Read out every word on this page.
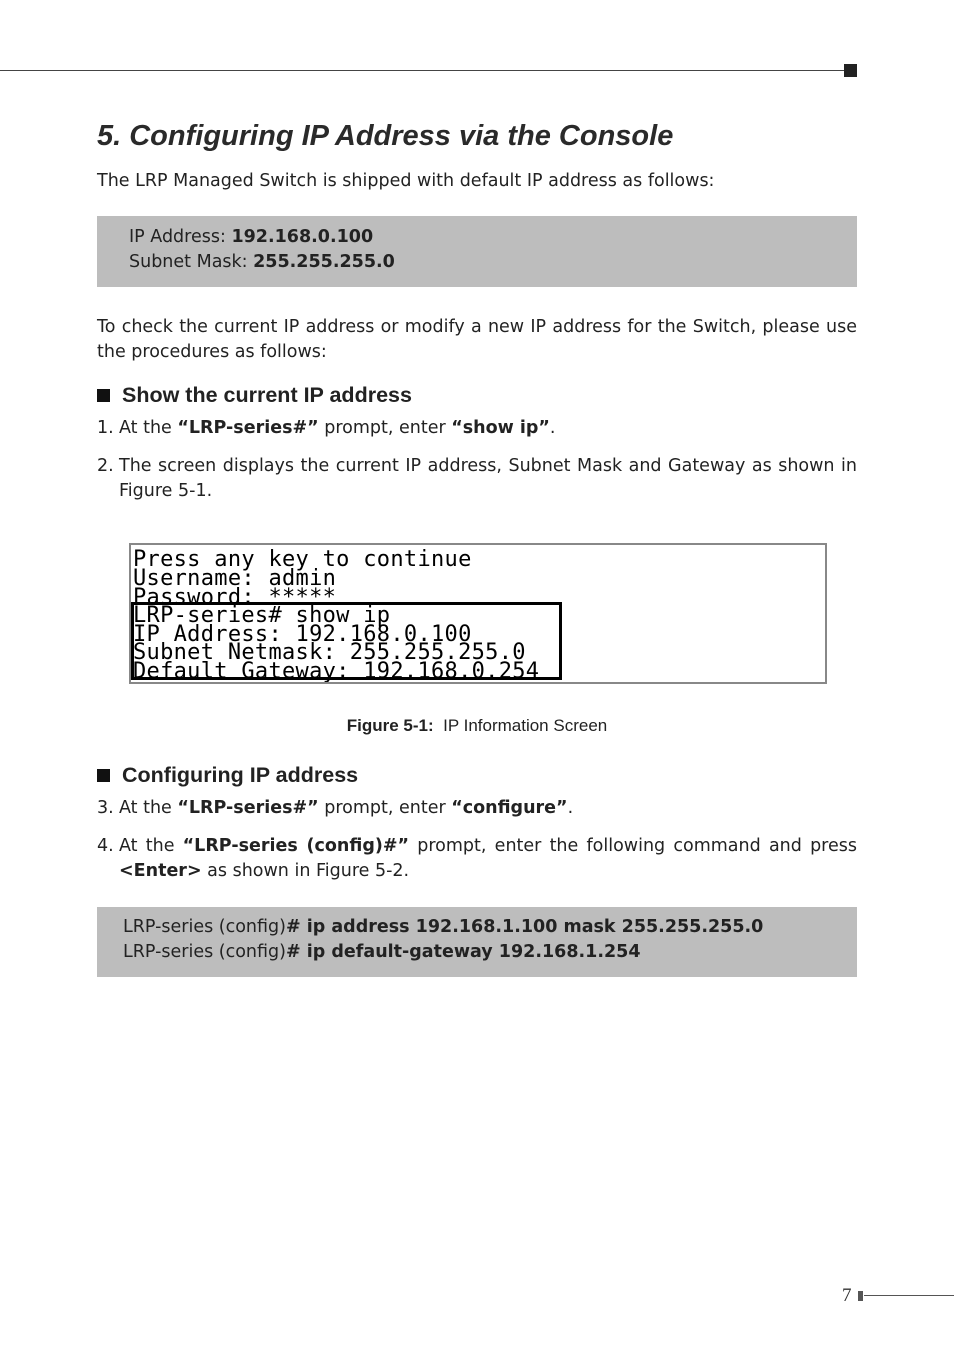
5. Configuring IP Address via the Console

The LRP Managed Switch is shipped with default IP address as follows:

IP Address: 192.168.0.100
Subnet Mask: 255.255.255.0

To check the current IP address or modify a new IP address for the Switch, please use the procedures as follows:

Show the current IP address

1. At the “LRP-series#” prompt, enter “show ip”.

2. The screen displays the current IP address, Subnet Mask and Gateway as shown in Figure 5-1.

Press any key to continue
Username: admin
Password: *****
LRP-series# show ip
IP Address: 192.168.0.100
Subnet Netmask: 255.255.255.0
Default Gateway: 192.168.0.254
Figure 5-1:  IP Information Screen
Configuring IP address

3. At the “LRP-series#” prompt, enter “configure”.

4. At the “LRP-series (config)#” prompt, enter the following command and press <Enter> as shown in Figure 5-2.

LRP-series (config)# ip address 192.168.1.100 mask 255.255.255.0
LRP-series (config)# ip default-gateway 192.168.1.254
7
